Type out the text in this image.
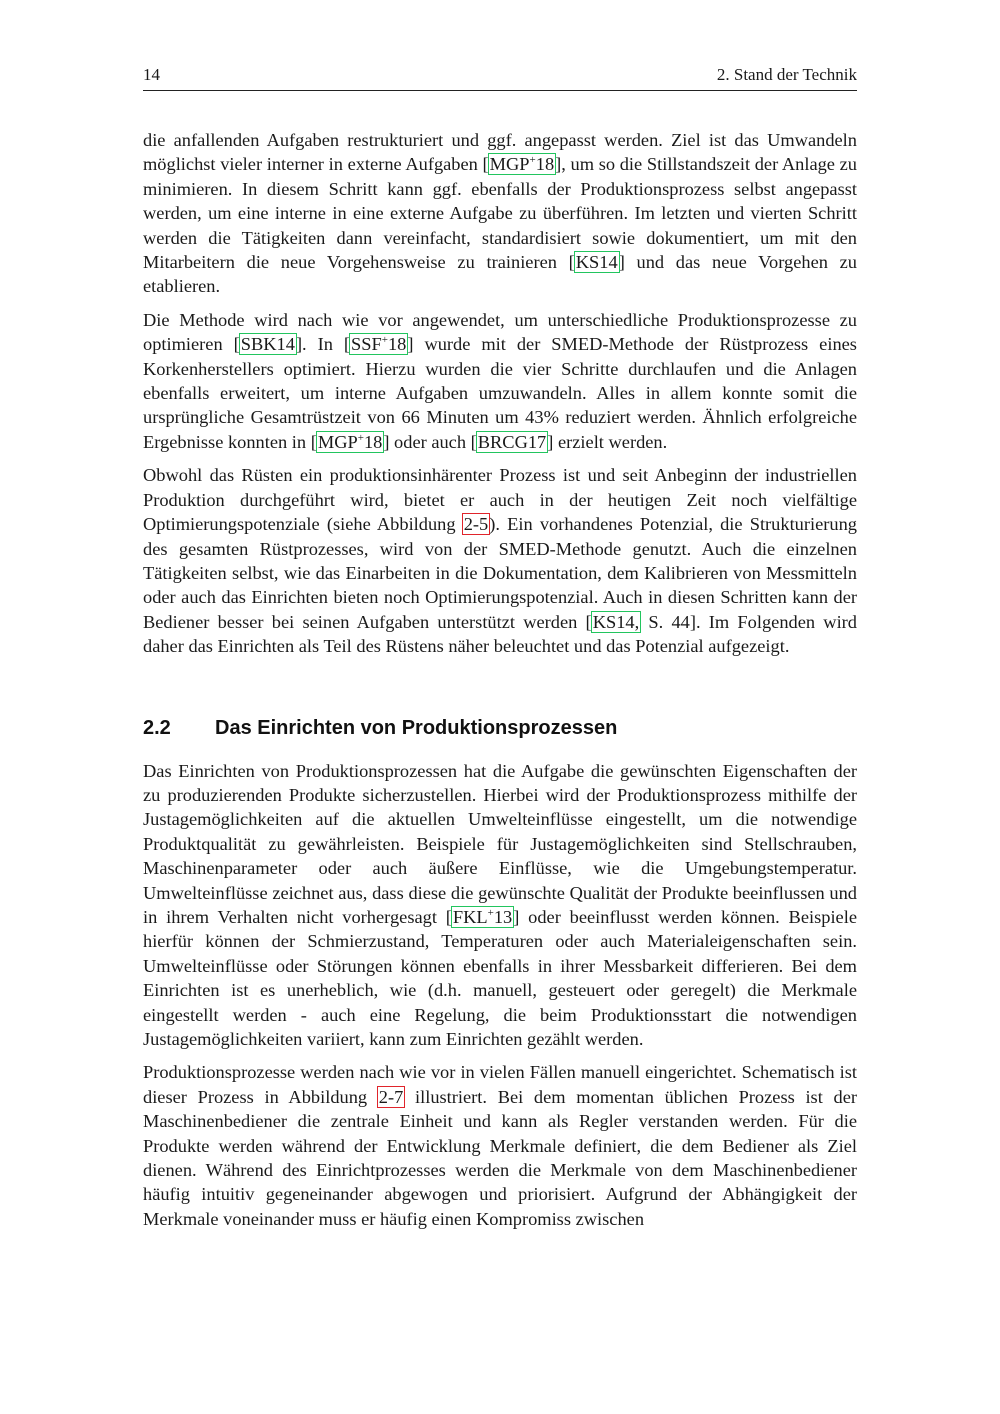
14	2. Stand der Technik

die anfallenden Aufgaben restrukturiert und ggf. angepasst werden. Ziel ist das Umwandeln möglichst vieler interner in externe Aufgaben [MGP+18], um so die Stillstandszeit der Anlage zu minimieren. In diesem Schritt kann ggf. ebenfalls der Produktionsprozess selbst angepasst werden, um eine interne in eine externe Aufgabe zu überführen. Im letzten und vierten Schritt werden die Tätigkeiten dann vereinfacht, standardisiert sowie dokumentiert, um mit den Mitarbeitern die neue Vorgehensweise zu trainieren [KS14] und das neue Vorgehen zu etablieren.

Die Methode wird nach wie vor angewendet, um unterschiedliche Produktionsprozesse zu optimieren [SBK14]. In [SSF+18] wurde mit der SMED-Methode der Rüstprozess eines Korkenherstellers optimiert. Hierzu wurden die vier Schritte durchlaufen und die Anlagen ebenfalls erweitert, um interne Aufgaben umzuwandeln. Alles in allem konnte somit die ursprüngliche Gesamtrüstzeit von 66 Minuten um 43% reduziert werden. Ähnlich erfolgreiche Ergebnisse konnten in [MGP+18] oder auch [BRCG17] erzielt werden.

Obwohl das Rüsten ein produktionsinhärenter Prozess ist und seit Anbeginn der industriellen Produktion durchgeführt wird, bietet er auch in der heutigen Zeit noch vielfältige Optimierungspotenziale (siehe Abbildung 2-5). Ein vorhandenes Potenzial, die Strukturierung des gesamten Rüstprozesses, wird von der SMED-Methode genutzt. Auch die einzelnen Tätigkeiten selbst, wie das Einarbeiten in die Dokumentation, dem Kalibrieren von Messmitteln oder auch das Einrichten bieten noch Optimierungspotenzial. Auch in diesen Schritten kann der Bediener besser bei seinen Aufgaben unterstützt werden [KS14, S. 44]. Im Folgenden wird daher das Einrichten als Teil des Rüstens näher beleuchtet und das Potenzial aufgezeigt.

2.2	Das Einrichten von Produktionsprozessen

Das Einrichten von Produktionsprozessen hat die Aufgabe die gewünschten Eigenschaften der zu produzierenden Produkte sicherzustellen. Hierbei wird der Produktionsprozess mithilfe der Justagemöglichkeiten auf die aktuellen Umwelteinflüsse eingestellt, um die notwendige Produktqualität zu gewährleisten. Beispiele für Justagemöglichkeiten sind Stellschrauben, Maschinenparameter oder auch äußere Einflüsse, wie die Umgebungstemperatur. Umwelteinflüsse zeichnet aus, dass diese die gewünschte Qualität der Produkte beeinflussen und in ihrem Verhalten nicht vorhergesagt [FKL+13] oder beeinflusst werden können. Beispiele hierfür können der Schmierzustand, Temperaturen oder auch Materialeigenschaften sein. Umwelteinflüsse oder Störungen können ebenfalls in ihrer Messbarkeit differieren. Bei dem Einrichten ist es unerheblich, wie (d.h. manuell, gesteuert oder geregelt) die Merkmale eingestellt werden - auch eine Regelung, die beim Produktionsstart die notwendigen Justagemöglichkeiten variiert, kann zum Einrichten gezählt werden.

Produktionsprozesse werden nach wie vor in vielen Fällen manuell eingerichtet. Schematisch ist dieser Prozess in Abbildung 2-7 illustriert. Bei dem momentan üblichen Prozess ist der Maschinenbediener die zentrale Einheit und kann als Regler verstanden werden. Für die Produkte werden während der Entwicklung Merkmale definiert, die dem Bediener als Ziel dienen. Während des Einrichtprozesses werden die Merkmale von dem Maschinenbediener häufig intuitiv gegeneinander abgewogen und priorisiert. Aufgrund der Abhängigkeit der Merkmale voneinander muss er häufig einen Kompromiss zwischen
